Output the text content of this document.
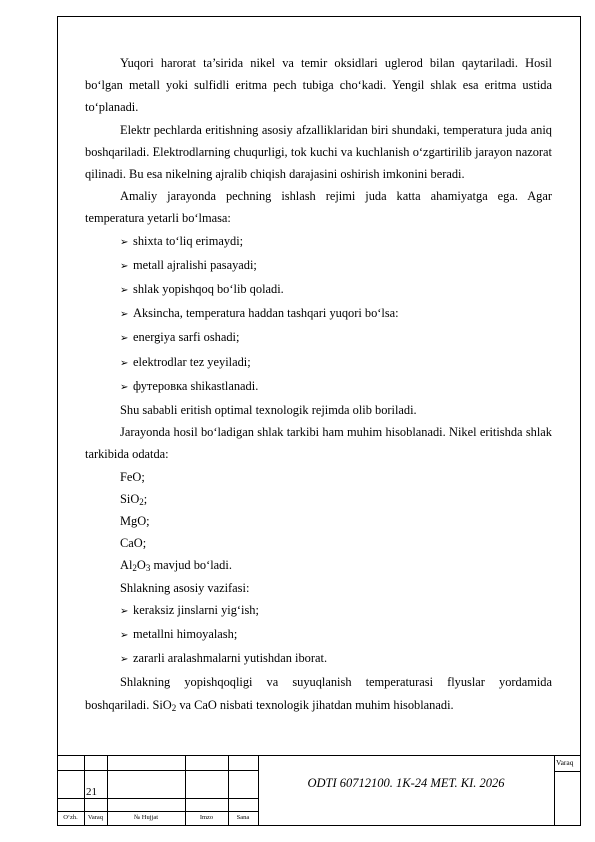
Yuqori harorat ta’sirida nikel va temir oksidlari uglerod bilan qaytariladi. Hosil bo‘lgan metall yoki sulfidli eritma pech tubiga cho‘kadi. Yengil shlak esa eritma ustida to‘planadi.

Elektr pechlarda eritishning asosiy afzalliklaridan biri shundaki, temperatura juda aniq boshqariladi. Elektrodlarning chuqurligi, tok kuchi va kuchlanish o‘zgartirilib jarayon nazorat qilinadi. Bu esa nikelning ajralib chiqish darajasini oshirish imkonini beradi.

Amaliy jarayonda pechning ishlash rejimi juda katta ahamiyatga ega. Agar temperatura yetarli bo‘lmasa:

➢ shixta to‘liq erimaydi;
➢ metall ajralishi pasayadi;
➢ shlak yopishqoq bo‘lib qoladi.
➢ Aksincha, temperatura haddan tashqari yuqori bo‘lsa:
➢ energiya sarfi oshadi;
➢ elektrodlar tez yeyiladi;
➢ футеровка shikastlanadi.

Shu sababli eritish optimal texnologik rejimda olib boriladi.

Jarayonda hosil bo‘ladigan shlak tarkibi ham muhim hisoblanadi. Nikel eritishda shlak tarkibida odatda:

FeO;

SiO$_2$;

MgO;

CaO;

$Al_2O_3$ mavjud bo‘ladi.

Shlakning asosiy vazifasi:

➢ keraksiz jinslarni yig‘ish;
➢ metallni himoyalash;
➢ zararli aralashmalarni yutishdan iborat.

Shlakning yopishqoqligi va suyuqlanish temperaturasi flyuslar yordamida boshqariladi. SiO$_2$ va CaO nisbati texnologik jihatdan muhim hisoblanadi.

21
ODTI 60712100. 1K-24 MET. KI. 2026
Varaq
O‘zh.	Varaq	№ Hujjat	Imzo	Sana
